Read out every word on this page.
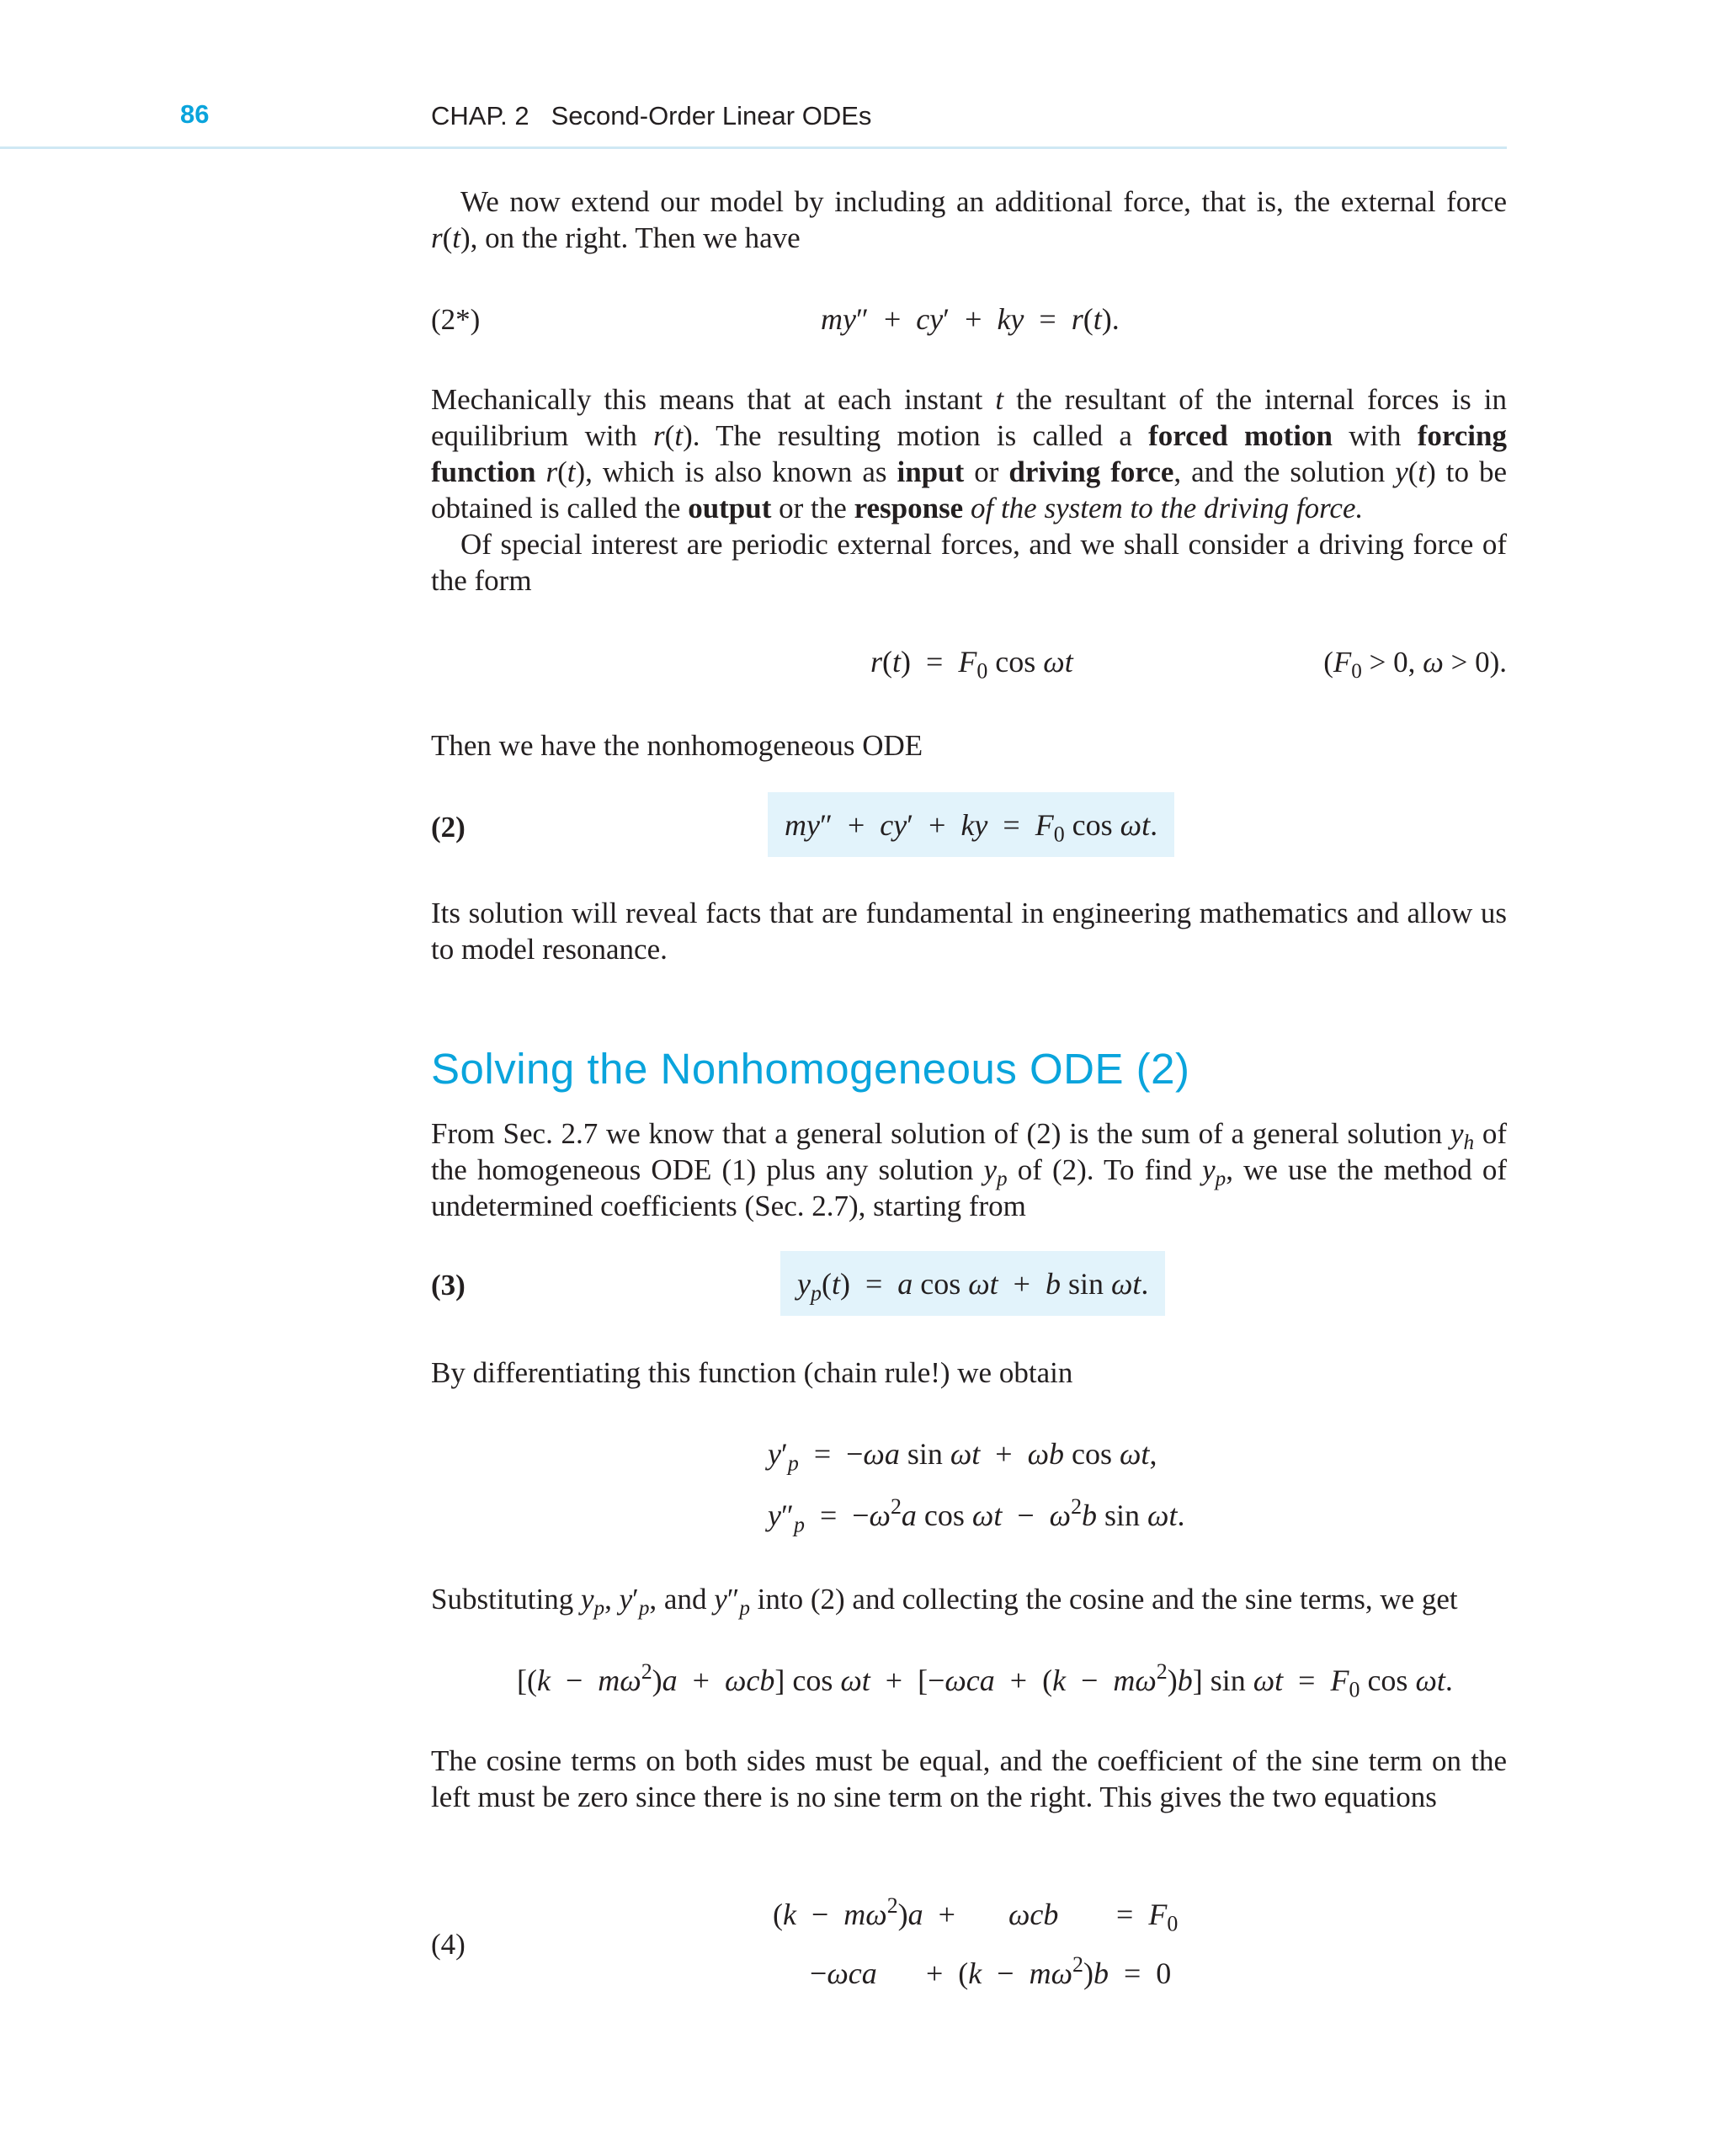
86	CHAP. 2 Second-Order Linear ODEs

We now extend our model by including an additional force, that is, the external force r(t), on the right. Then we have

(2*)	my″  +  cy′  +  ky  =  r(t).

Mechanically this means that at each instant t the resultant of the internal forces is in equilibrium with r(t). The resulting motion is called a forced motion with forcing function r(t), which is also known as input or driving force, and the solution y(t) to be obtained is called the output or the response of the system to the driving force.

Of special interest are periodic external forces, and we shall consider a driving force of the form

$r(t) = F_0$ cos ωt	($F_0 > 0$, ω > 0).

Then we have the nonhomogeneous ODE

(2)	my″  +  cy′  +  ky  =  $F_0$ cos ωt.

Its solution will reveal facts that are fundamental in engineering mathematics and allow us to model resonance.

Solving the Nonhomogeneous ODE (2)

From Sec. 2.7 we know that a general solution of (2) is the sum of a general solution $y_h$ of the homogeneous ODE (1) plus any solution $y_p$ of (2). To find $y_p$, we use the method of undetermined coefficients (Sec. 2.7), starting from

(3)	$y_p(t) = a$ cos ωt  +  b sin ωt.

By differentiating this function (chain rule!) we obtain

$y'_p = -\omega a$ sin ωt  +  ωb cos ωt,
$y''_p = -\omega^2a$ $\cos \omega t - \omega^2b$ sin ωt.

Substituting $y_p$, $y'_p$, and $y''_p$ into (2) and collecting the cosine and the sine terms, we get

$[(k - m\omega^2)a + \omega cb]$ $\cos \omega t + [-\omega ca + (k - m\omega^2)b]$ $\sin \omega t = F_0$ cos ωt.

The cosine terms on both sides must be equal, and the coefficient of the sine term on the left must be zero since there is no sine term on the right. This gives the two equations

(4)
$(k - m\omega^2)a + \omega cb = F_0$
$-\omega ca + (k - m\omega^2)b = 0$
